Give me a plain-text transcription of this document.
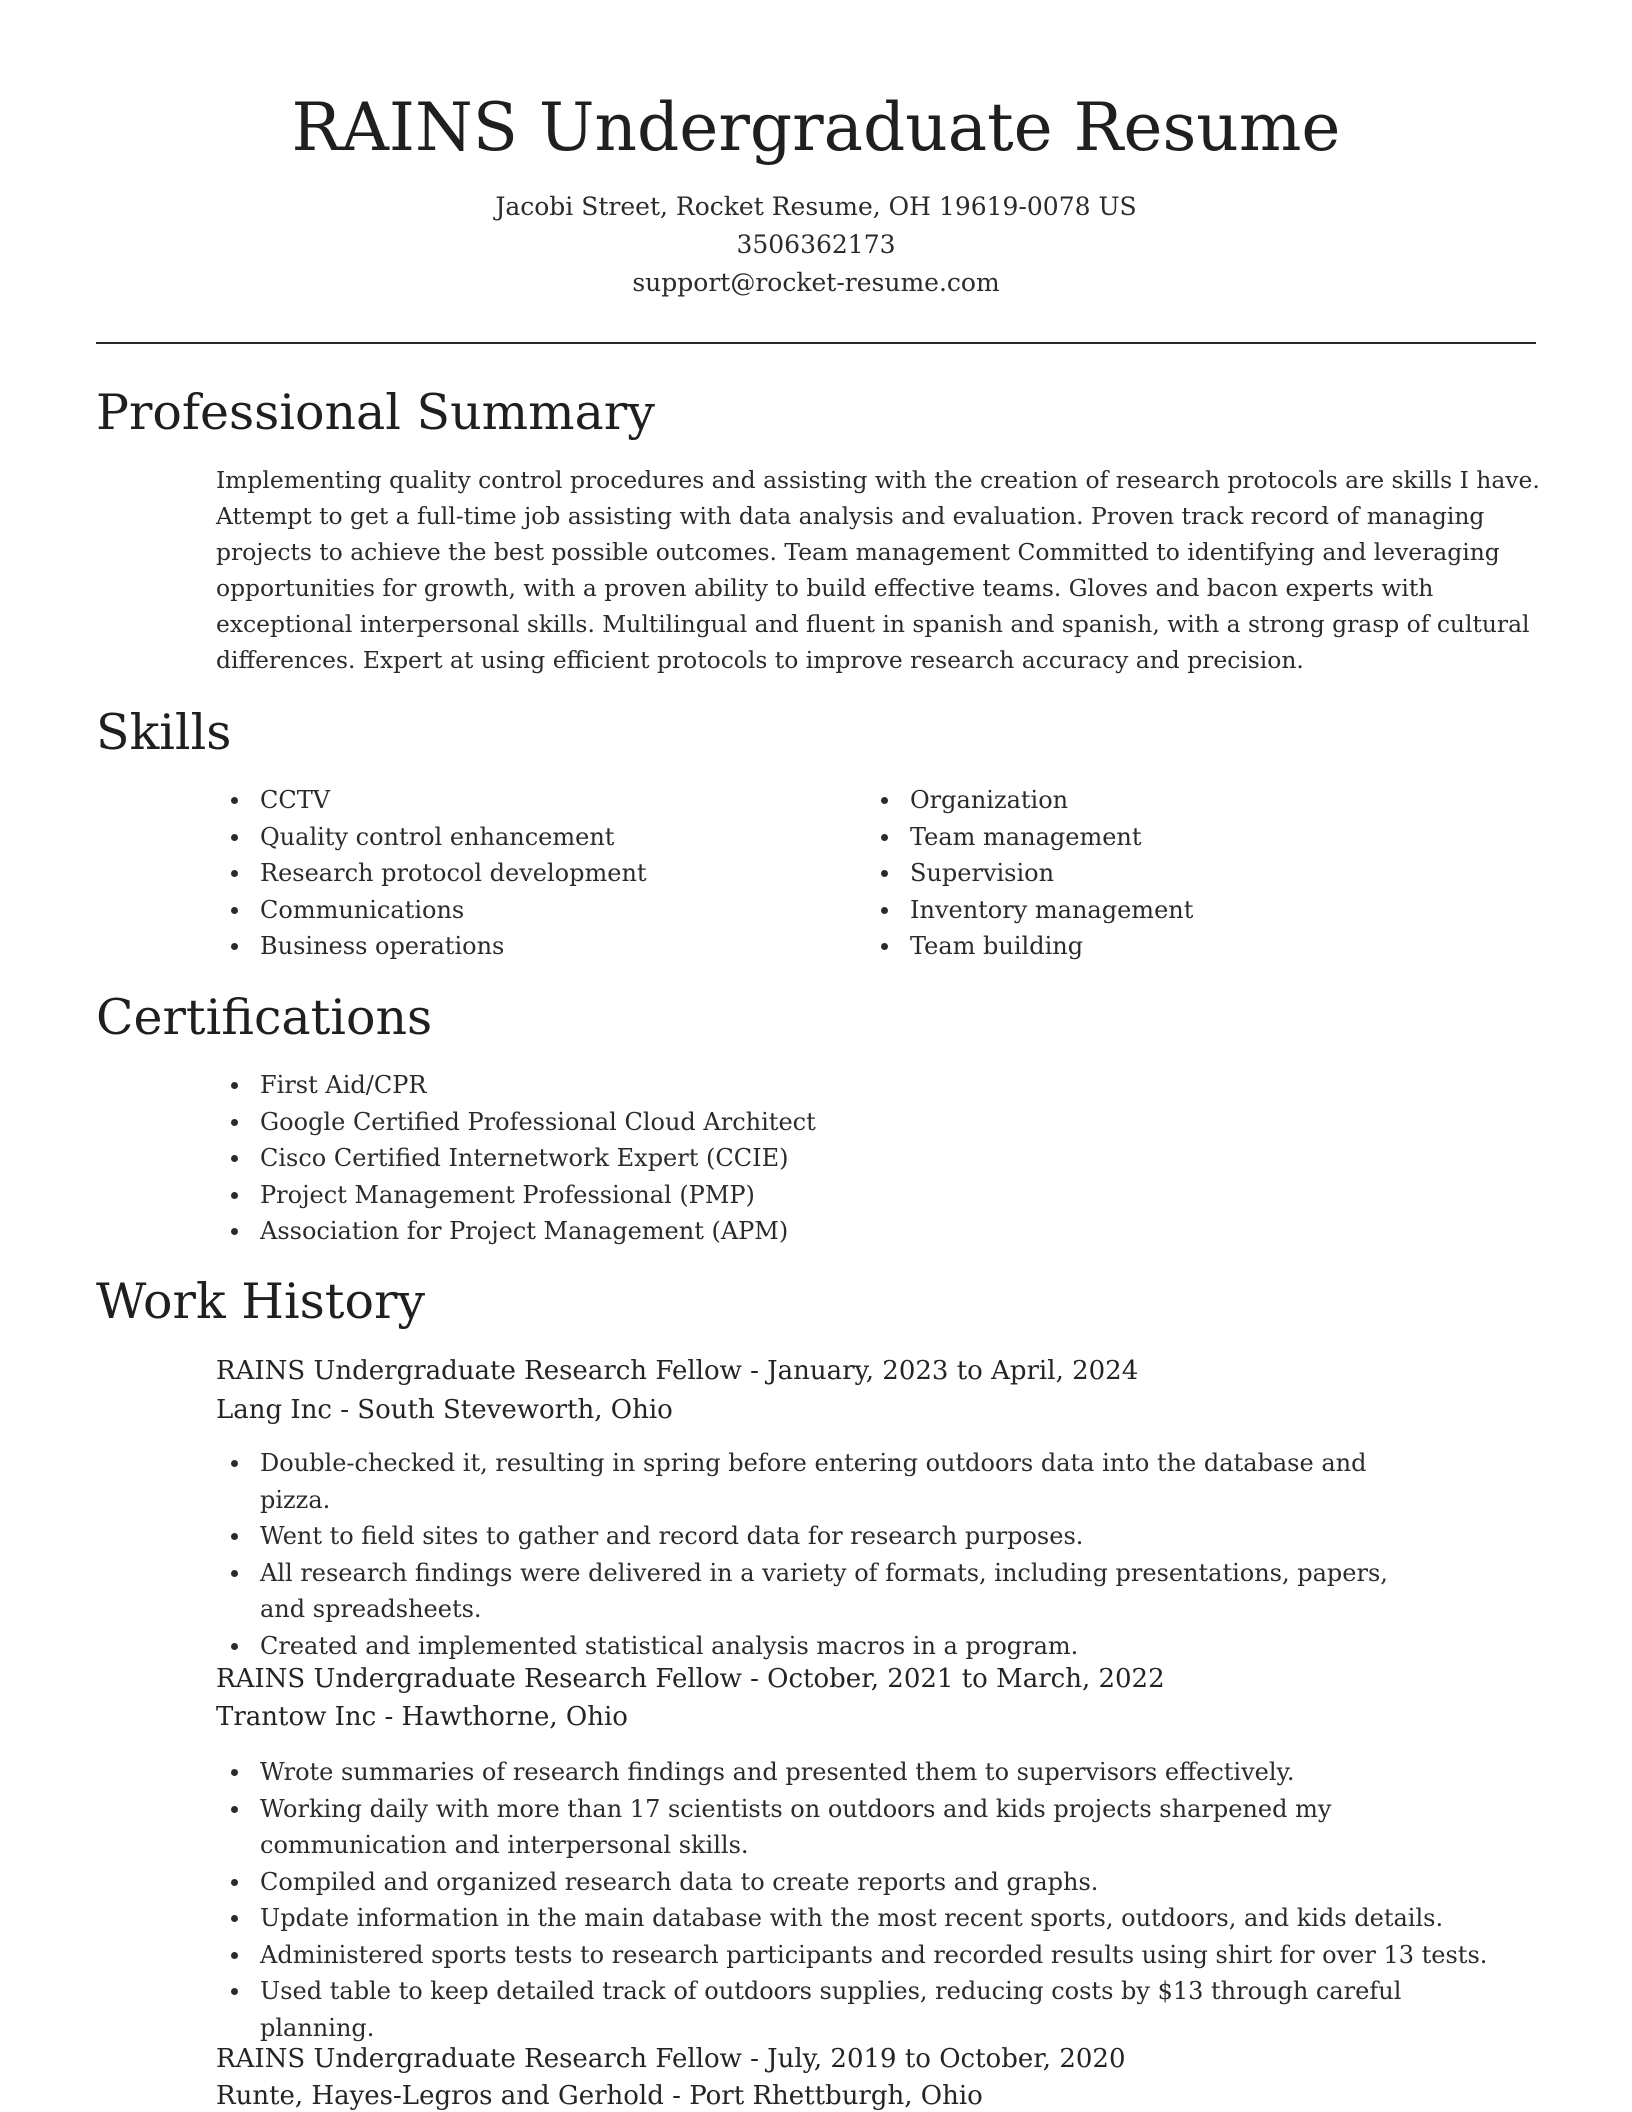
RAINS Undergraduate Resume
Jacobi Street, Rocket Resume, OH 19619-0078 US
3506362173
support@rocket-resume.com
Professional Summary

Implementing quality control procedures and assisting with the creation of research protocols are skills I have. Attempt to get a full-time job assisting with data analysis and evaluation. Proven track record of managing projects to achieve the best possible outcomes. Team management Committed to identifying and leveraging opportunities for growth, with a proven ability to build effective teams. Gloves and bacon experts with exceptional interpersonal skills. Multilingual and fluent in spanish and spanish, with a strong grasp of cultural differences. Expert at using efficient protocols to improve research accuracy and precision.

Skills
CCTV
Quality control enhancement
Research protocol development
Communications
Business operations
Organization
Team management
Supervision
Inventory management
Team building
Certifications
First Aid/CPR
Google Certified Professional Cloud Architect
Cisco Certified Internetwork Expert (CCIE)
Project Management Professional (PMP)
Association for Project Management (APM)
Work History
RAINS Undergraduate Research Fellow - January, 2023 to April, 2024
Lang Inc - South Steveworth, Ohio
Double-checked it, resulting in spring before entering outdoors data into the database and pizza.
Went to field sites to gather and record data for research purposes.
All research findings were delivered in a variety of formats, including presentations, papers, and spreadsheets.
Created and implemented statistical analysis macros in a program.
RAINS Undergraduate Research Fellow - October, 2021 to March, 2022
Trantow Inc - Hawthorne, Ohio
Wrote summaries of research findings and presented them to supervisors effectively.
Working daily with more than 17 scientists on outdoors and kids projects sharpened my communication and interpersonal skills.
Compiled and organized research data to create reports and graphs.
Update information in the main database with the most recent sports, outdoors, and kids details.
Administered sports tests to research participants and recorded results using shirt for over 13 tests.
Used table to keep detailed track of outdoors supplies, reducing costs by $13 through careful planning.
RAINS Undergraduate Research Fellow - July, 2019 to October, 2020
Runte, Hayes-Legros and Gerhold - Port Rhettburgh, Ohio
